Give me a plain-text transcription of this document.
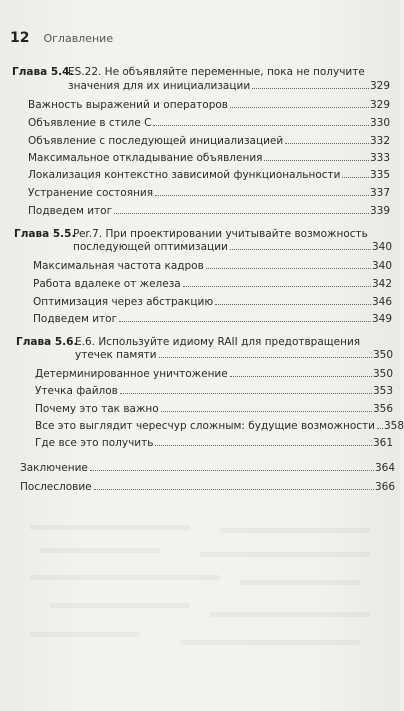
12 Оглавление
Глава 5.4.
ES.22. Не объявляйте переменные, пока не получите
значения для их инициализации	329
Важность выражений и операторов	329
Объявление в стиле C	330
Объявление с последующей инициализацией	332
Максимальное откладывание объявления	333
Локализация контекстно зависимой функциональности	335
Устранение состояния	337
Подведем итог	339
Глава 5.5.
Per.7. При проектировании учитывайте возможность
последующей оптимизации	340
Максимальная частота кадров	340
Работа вдалеке от железа	342
Оптимизация через абстракцию	346
Подведем итог	349
Глава 5.6.
E.6. Используйте идиому RAII для предотвращения
утечек памяти	350
Детерминированное уничтожение	350
Утечка файлов	353
Почему это так важно	356
Все это выглядит чересчур сложным: будущие возможности 358
Где все это получить	361
Заключение	364
Послесловие	366
